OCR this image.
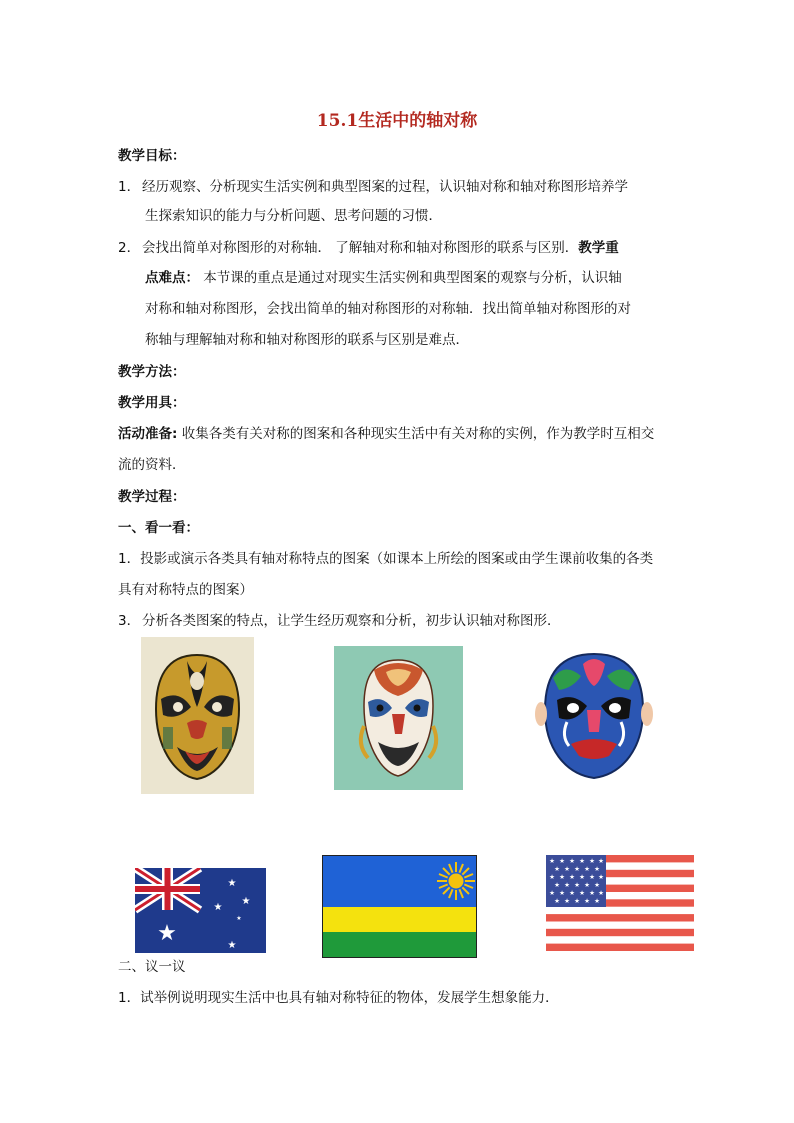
15.1生活中的轴对称
教学目标：
1． 经历观察、分析现实生活实例和典型图案的过程，认识轴对称和轴对称图形培养学
生探索知识的能力与分析问题、思考问题的习惯．
2． 会找出简单对称图形的对称轴． 了解轴对称和轴对称图形的联系与区别．教学重
点难点： 本节课的重点是通过对现实生活实例和典型图案的观察与分析，认识轴
对称和轴对称图形，会找出简单的轴对称图形的对称轴．找出简单轴对称图形的对
称轴与理解轴对称和轴对称图形的联系与区别是难点．
教学方法：
教学用具：
活动准备: 收集各类有关对称的图案和各种现实生活中有关对称的实例，作为教学时互相交
流的资料．
教学过程：
一、看一看：
1．投影或演示各类具有轴对称特点的图案（如课本上所绘的图案或由学生课前收集的各类
具有对称特点的图案）
3． 分析各类图案的特点，让学生经历观察和分析，初步认识轴对称图形．
★
★
★
★
★
★
★ ★ ★ ★ ★ ★
★ ★ ★ ★ ★
★ ★ ★ ★ ★ ★
★ ★ ★ ★ ★
★ ★ ★ ★ ★ ★
★ ★ ★ ★ ★
二、议一议
1．试举例说明现实生活中也具有轴对称特征的物体，发展学生想象能力．
